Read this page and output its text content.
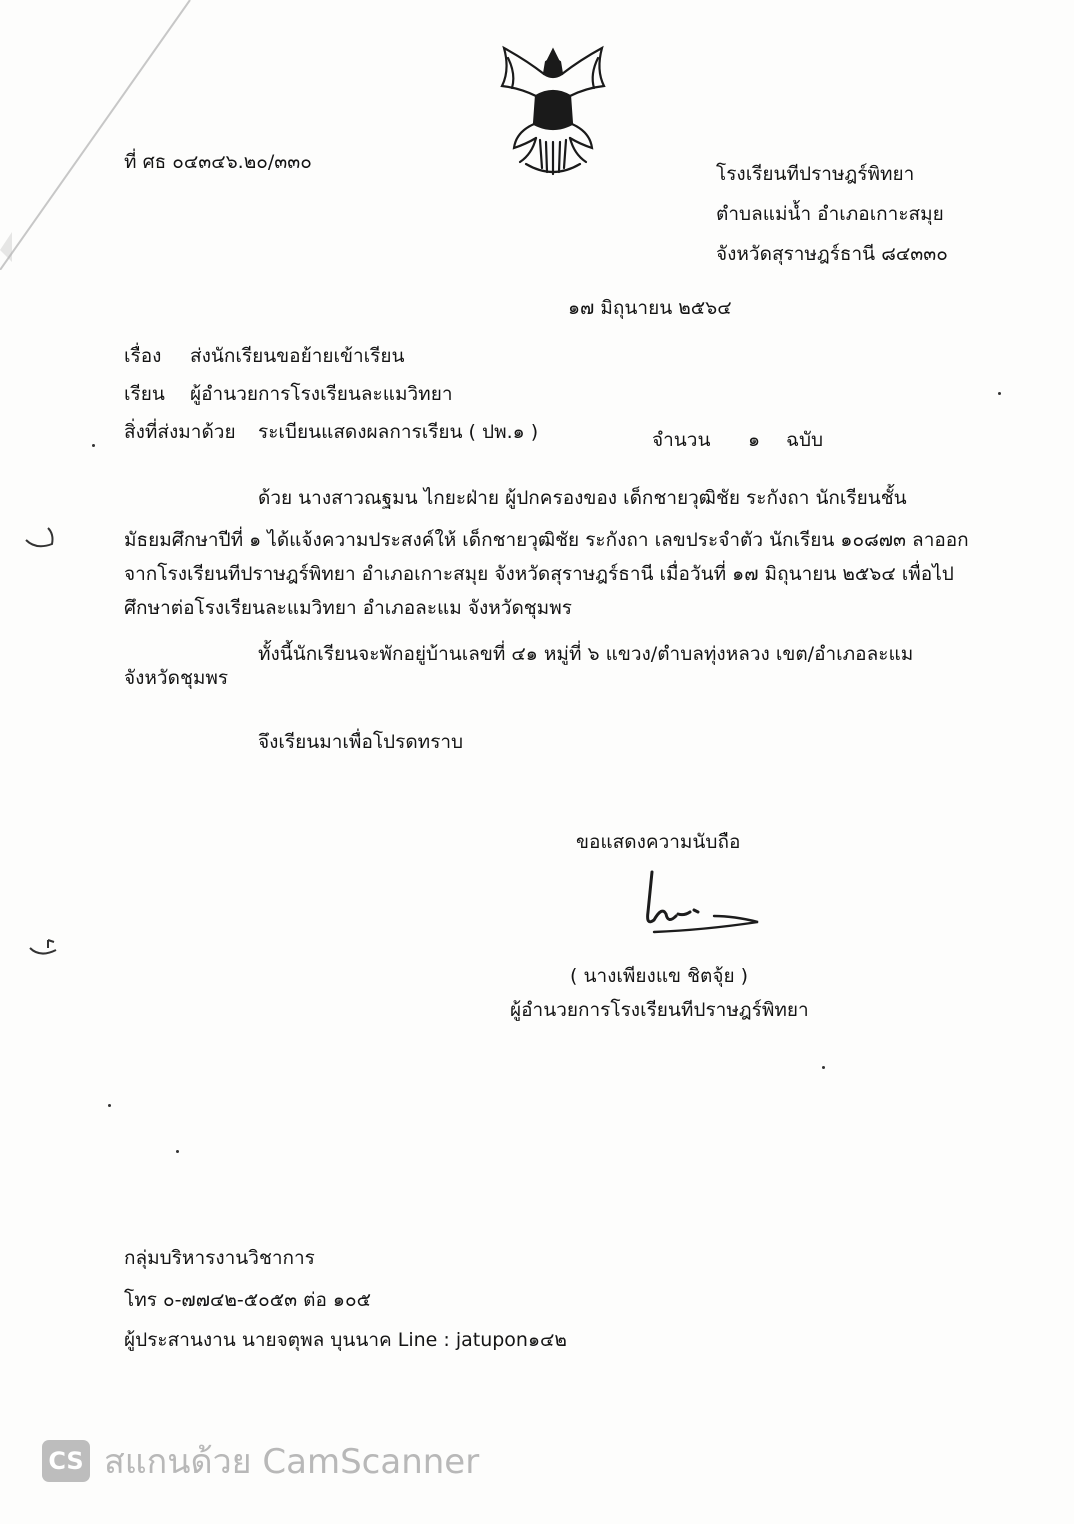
ที่ ศธ ๐๔๓๔๖.๒๐/๓๓๐
โรงเรียนทีปราษฎร์พิทยา
ตำบลแม่น้ำ อำเภอเกาะสมุย
จังหวัดสุราษฎร์ธานี ๘๔๓๓๐
๑๗ มิถุนายน ๒๕๖๔
เรื่อง ส่งนักเรียนขอย้ายเข้าเรียน
เรียน ผู้อำนวยการโรงเรียนละแมวิทยา
สิ่งที่ส่งมาด้วย ระเบียนแสดงผลการเรียน ( ปพ.๑ )	จำนวน ๑ ฉบับ
ด้วย นางสาวณฐมน ไกยะฝ่าย ผู้ปกครองของ เด็กชายวุฒิชัย ระกังถา นักเรียนชั้น
มัธยมศึกษาปีที่ ๑ ได้แจ้งความประสงค์ให้ เด็กชายวุฒิชัย ระกังถา เลขประจำตัว นักเรียน ๑๐๘๗๓ ลาออก
จากโรงเรียนทีปราษฎร์พิทยา อำเภอเกาะสมุย จังหวัดสุราษฎร์ธานี เมื่อวันที่ ๑๗ มิถุนายน ๒๕๖๔ เพื่อไป
ศึกษาต่อโรงเรียนละแมวิทยา อำเภอละแม จังหวัดชุมพร
ทั้งนี้นักเรียนจะพักอยู่บ้านเลขที่ ๔๑ หมู่ที่ ๖ แขวง/ตำบลทุ่งหลวง เขต/อำเภอละแม
จังหวัดชุมพร
จึงเรียนมาเพื่อโปรดทราบ
ขอแสดงความนับถือ
( นางเพียงแข ชิตจุ้ย )
ผู้อำนวยการโรงเรียนทีปราษฎร์พิทยา
กลุ่มบริหารงานวิชาการ
โทร ๐-๗๗๔๒-๕๐๕๓ ต่อ ๑๐๕
ผู้ประสานงาน นายจตุพล บุนนาค Line : jatupon๑๔๒
CS สแกนด้วย CamScanner
